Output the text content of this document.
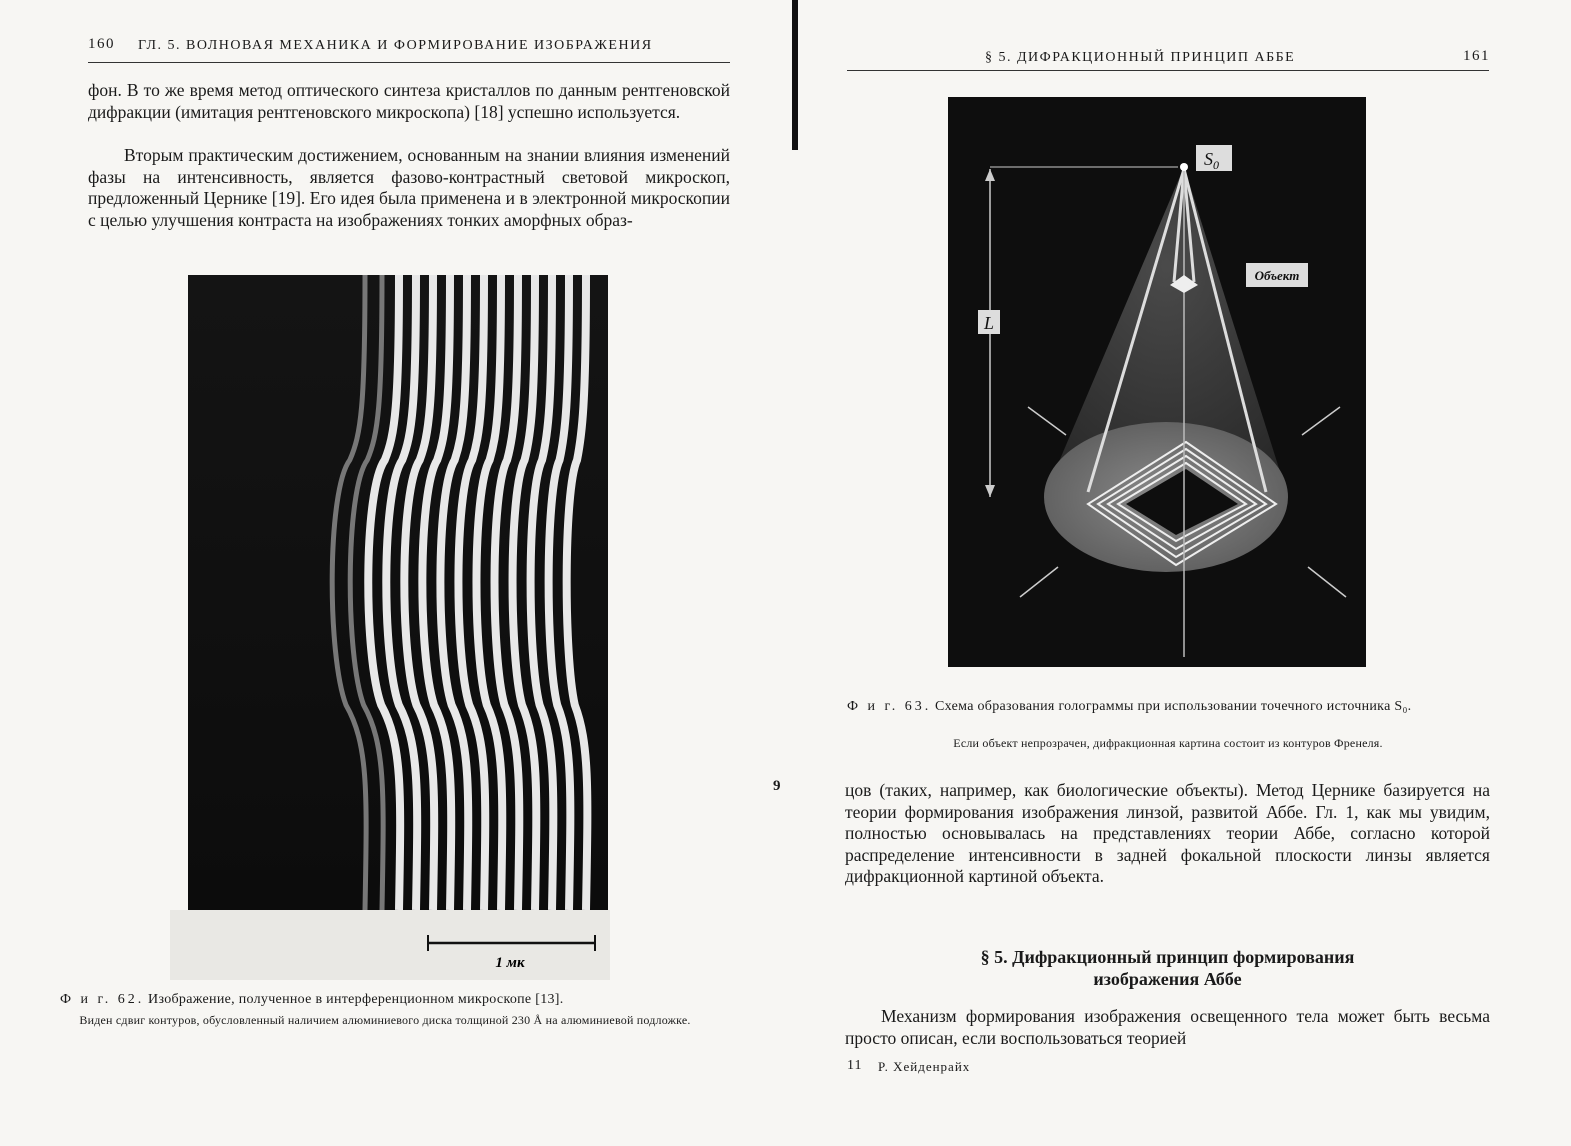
160 ГЛ. 5. ВОЛНОВАЯ МЕХАНИКА И ФОРМИРОВАНИЕ ИЗОБРАЖЕНИЯ

фон. В то же время метод оптического синтеза кристаллов по данным рентгеновской дифракции (имитация рентгеновского микроскопа) [18] успешно используется.

Вторым практическим достижением, основанным на знании влияния изменений фазы на интенсивность, является фазово-контрастный световой микроскоп, предложенный Цернике [19]. Его идея была применена и в электронной микроскопии с целью улучшения контраста на изображениях тонких аморфных образ-

1 мк

Ф и г. 62. Изображение, полученное в интерференционном микроскопе [13].

Виден сдвиг контуров, обусловленный наличием алюминиевого диска толщиной 230 Å на алюминиевой подложке.

§ 5. ДИФРАКЦИОННЫЙ ПРИНЦИП АББЕ	161
L
$S_0$
Объект

Ф и г. 63. Схема образования голограммы при использовании точечного источника S₀.

Если объект непрозрачен, дифракционная картина состоит из контуров Френеля.

9	цов (таких, например, как биологические объекты). Метод Цернике базируется на теории формирования изображения линзой, развитой Аббе. Гл. 1, как мы увидим, полностью основывалась на представлениях теории Аббе, согласно которой распределение интенсивности в задней фокальной плоскости линзы является дифракционной картиной объекта.

§ 5. Дифракционный принцип формирования

изображения Аббе

Механизм формирования изображения освещенного тела может быть весьма просто описан, если воспользоваться теорией

11 Р. Хейденрайх
